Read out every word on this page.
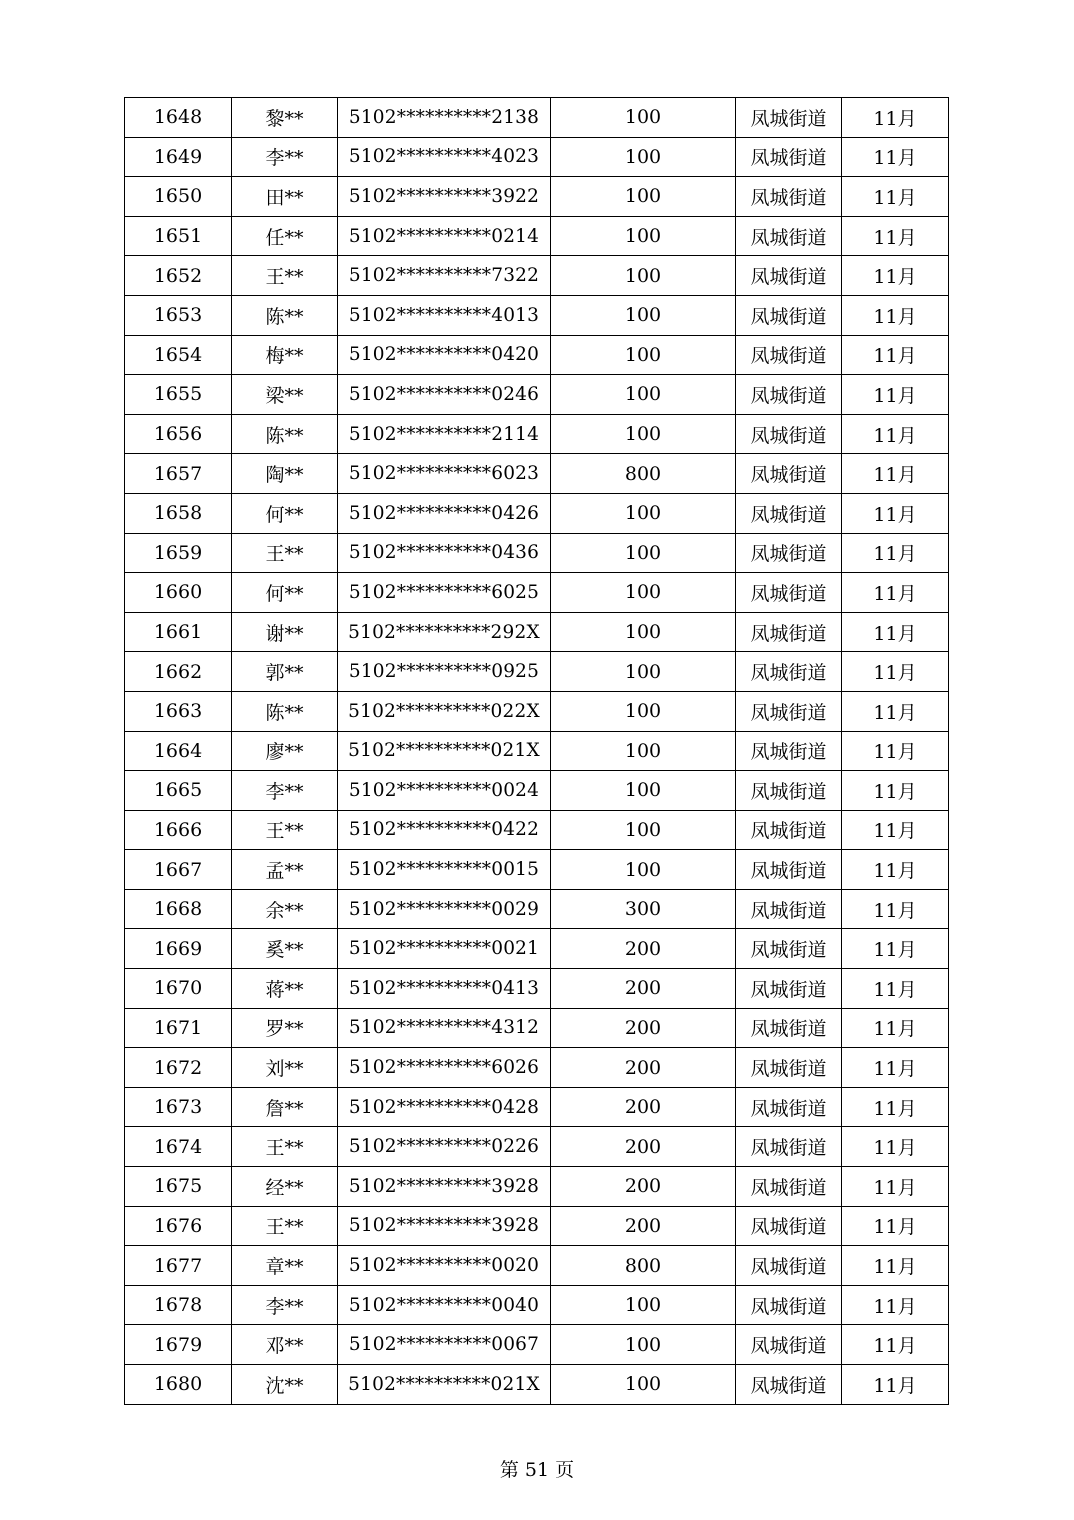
1648	黎**	5102**********2138	100	凤城街道	11月
1649	李**	5102**********4023	100	凤城街道	11月
1650	田**	5102**********3922	100	凤城街道	11月
1651	任**	5102**********0214	100	凤城街道	11月
1652	王**	5102**********7322	100	凤城街道	11月
1653	陈**	5102**********4013	100	凤城街道	11月
1654	梅**	5102**********0420	100	凤城街道	11月
1655	梁**	5102**********0246	100	凤城街道	11月
1656	陈**	5102**********2114	100	凤城街道	11月
1657	陶**	5102**********6023	800	凤城街道	11月
1658	何**	5102**********0426	100	凤城街道	11月
1659	王**	5102**********0436	100	凤城街道	11月
1660	何**	5102**********6025	100	凤城街道	11月
1661	谢**	5102**********292X	100	凤城街道	11月
1662	郭**	5102**********0925	100	凤城街道	11月
1663	陈**	5102**********022X	100	凤城街道	11月
1664	廖**	5102**********021X	100	凤城街道	11月
1665	李**	5102**********0024	100	凤城街道	11月
1666	王**	5102**********0422	100	凤城街道	11月
1667	孟**	5102**********0015	100	凤城街道	11月
1668	余**	5102**********0029	300	凤城街道	11月
1669	奚**	5102**********0021	200	凤城街道	11月
1670	蒋**	5102**********0413	200	凤城街道	11月
1671	罗**	5102**********4312	200	凤城街道	11月
1672	刘**	5102**********6026	200	凤城街道	11月
1673	詹**	5102**********0428	200	凤城街道	11月
1674	王**	5102**********0226	200	凤城街道	11月
1675	经**	5102**********3928	200	凤城街道	11月
1676	王**	5102**********3928	200	凤城街道	11月
1677	章**	5102**********0020	800	凤城街道	11月
1678	李**	5102**********0040	100	凤城街道	11月
1679	邓**	5102**********0067	100	凤城街道	11月
1680	沈**	5102**********021X	100	凤城街道	11月
第 51 页
